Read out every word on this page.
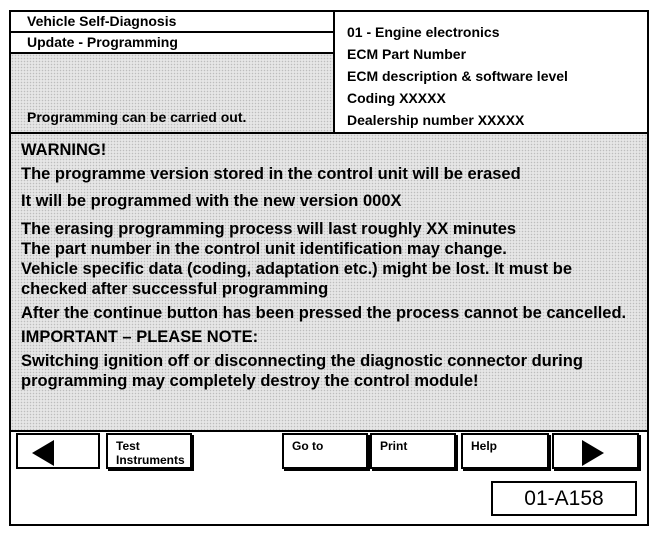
Vehicle Self-Diagnosis
Update - Programming
Programming can be carried out.
01 - Engine electronics
ECM Part Number
ECM description & software level
Coding XXXXX
Dealership number XXXXX

WARNING!

The programme version stored in the control unit will be erased

It will be programmed with the new version 000X

The erasing programming process will last roughly XX minutes

The part number in the control unit identification may change.

Vehicle specific data (coding, adaptation etc.) might be lost. It must be checked after successful programming

After the continue button has been pressed the process cannot be cancelled.

IMPORTANT – PLEASE NOTE:

Switching ignition off or disconnecting the diagnostic connector during programming may completely destroy the control module!

Test
Instruments
Go to	Print	Help
01-A158
